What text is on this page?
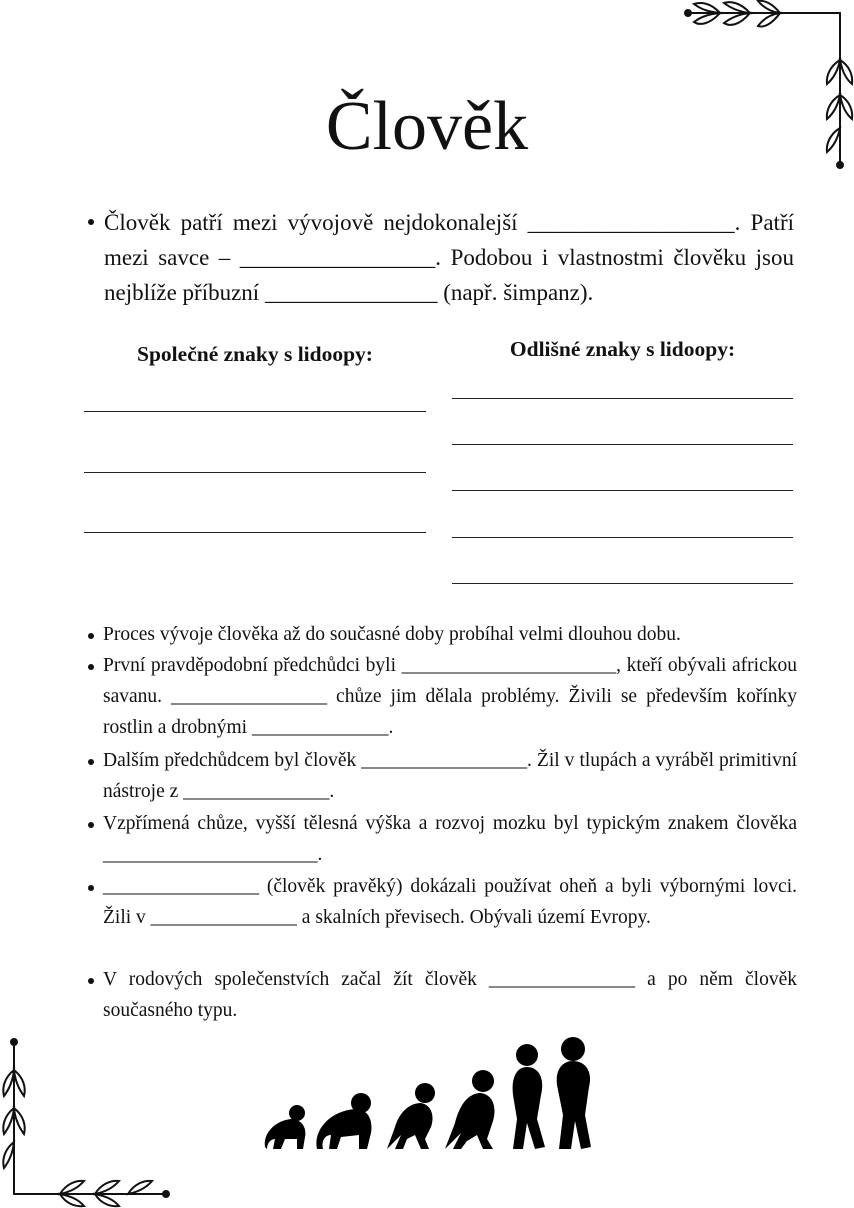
Člověk
Člověk patří mezi vývojově nejdokonalejší __________________. Patří mezi savce – _________________. Podobou i vlastnostmi člověku jsou nejblíže příbuzní _______________ (např. šimpanz).
Společné znaky s lidoopy:	Odlišné znaky s lidoopy:
Proces vývoje člověka až do současné doby probíhal velmi dlouhou dobu.
První pravděpodobní předchůdci byli ______________________, kteří obývali africkou savanu. ________________ chůze jim dělala problémy. Živili se především kořínky rostlin a drobnými ______________.
Dalším předchůdcem byl člověk _________________. Žil v tlupách a vyráběl primitivní nástroje z _______________.
Vzpřímená chůze, vyšší tělesná výška a rozvoj mozku byl typickým znakem člověka ______________________.
________________ (člověk pravěký) dokázali používat oheň a byli výbornými lovci. Žili v _______________ a skalních převisech. Obývali území Evropy.
V rodových společenstvích začal žít člověk _______________ a po něm člověk současného typu.
